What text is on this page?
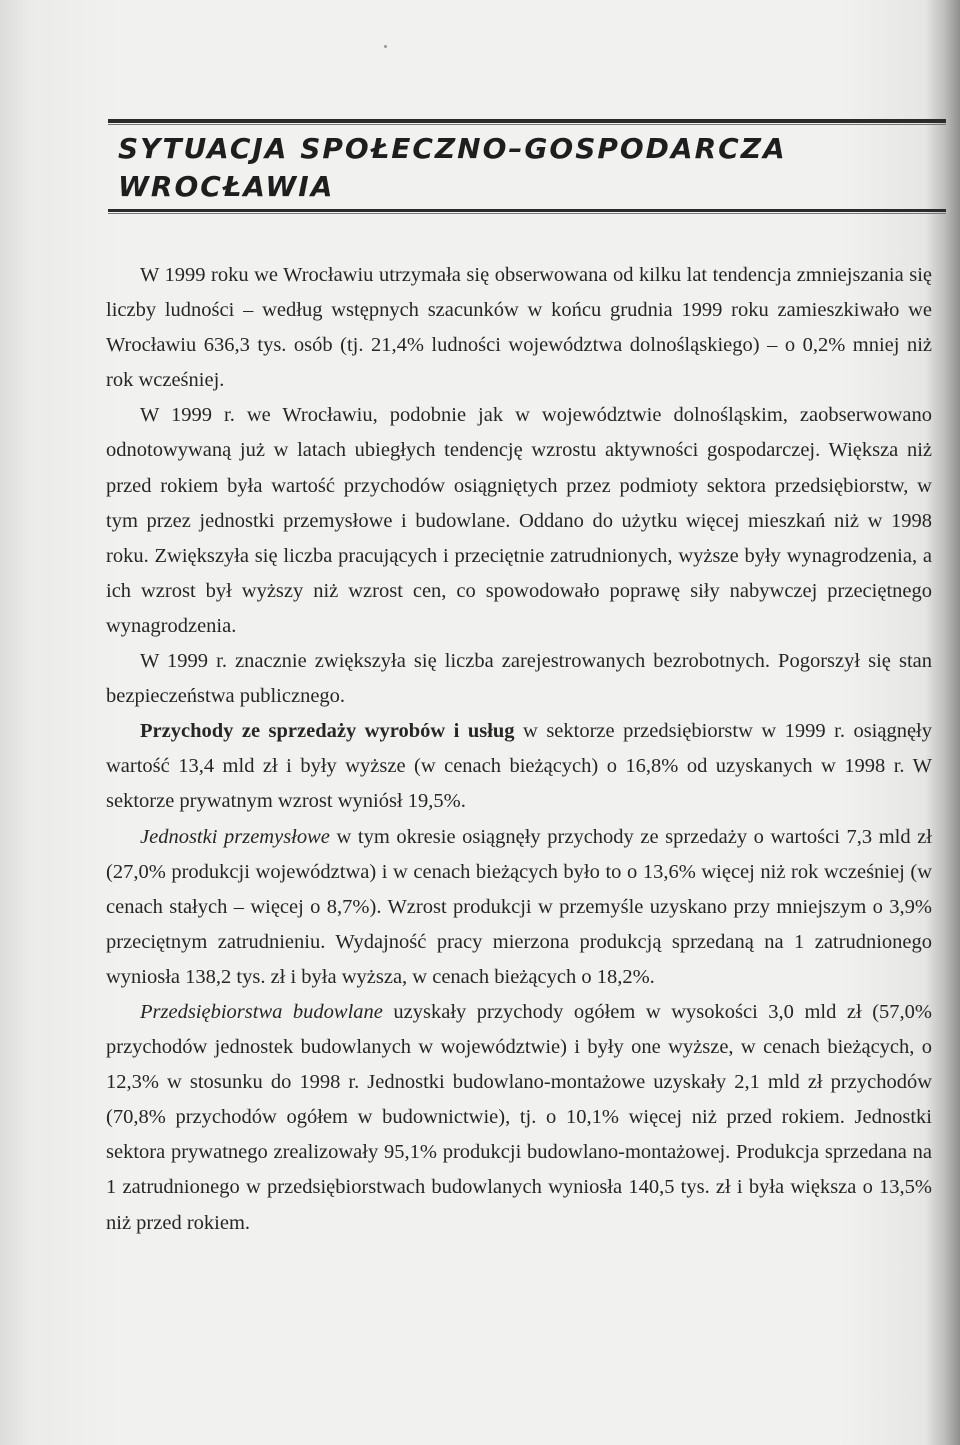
SYTUACJA SPOŁECZNO–GOSPODARCZA
WROCŁAWIA

W 1999 roku we Wrocławiu utrzymała się obserwowana od kilku lat tendencja zmniejszania się liczby ludności – według wstępnych szacunków w końcu grudnia 1999 roku zamieszkiwało we Wrocławiu 636,3 tys. osób (tj. 21,4% ludności województwa dolnośląskiego) – o 0,2% mniej niż rok wcześniej.

W 1999 r. we Wrocławiu, podobnie jak w województwie dolnośląskim, zaobserwowano odnotowywaną już w latach ubiegłych tendencję wzrostu aktywności gospodarczej. Większa niż przed rokiem była wartość przychodów osiągniętych przez podmioty sektora przedsiębiorstw, w tym przez jednostki przemysłowe i budowlane. Oddano do użytku więcej mieszkań niż w 1998 roku. Zwiększyła się liczba pracujących i przeciętnie zatrudnionych, wyższe były wynagrodzenia, a ich wzrost był wyższy niż wzrost cen, co spowodowało poprawę siły nabywczej przeciętnego wynagrodzenia.

W 1999 r. znacznie zwiększyła się liczba zarejestrowanych bezrobotnych. Pogorszył się stan bezpieczeństwa publicznego.

Przychody ze sprzedaży wyrobów i usług w sektorze przedsiębiorstw w 1999 r. osiągnęły wartość 13,4 mld zł i były wyższe (w cenach bieżących) o 16,8% od uzyskanych w 1998 r. W sektorze prywatnym wzrost wyniósł 19,5%.

Jednostki przemysłowe w tym okresie osiągnęły przychody ze sprzedaży o wartości 7,3 mld zł (27,0% produkcji województwa) i w cenach bieżących było to o 13,6% więcej niż rok wcześniej (w cenach stałych – więcej o 8,7%). Wzrost produkcji w przemyśle uzyskano przy mniejszym o 3,9% przeciętnym zatrudnieniu. Wydajność pracy mierzona produkcją sprzedaną na 1 zatrudnionego wyniosła 138,2 tys. zł i była wyższa, w cenach bieżących o 18,2%.

Przedsiębiorstwa budowlane uzyskały przychody ogółem w wysokości 3,0 mld zł (57,0% przychodów jednostek budowlanych w województwie) i były one wyższe, w cenach bieżących, o 12,3% w stosunku do 1998 r. Jednostki budowlano-montażowe uzyskały 2,1 mld zł przychodów (70,8% przychodów ogółem w budownictwie), tj. o 10,1% więcej niż przed rokiem. Jednostki sektora prywatnego zrealizowały 95,1% produkcji budowlano-montażowej. Produkcja sprzedana na 1 zatrudnionego w przedsiębiorstwach budowlanych wyniosła 140,5 tys. zł i była większa o 13,5% niż przed rokiem.
